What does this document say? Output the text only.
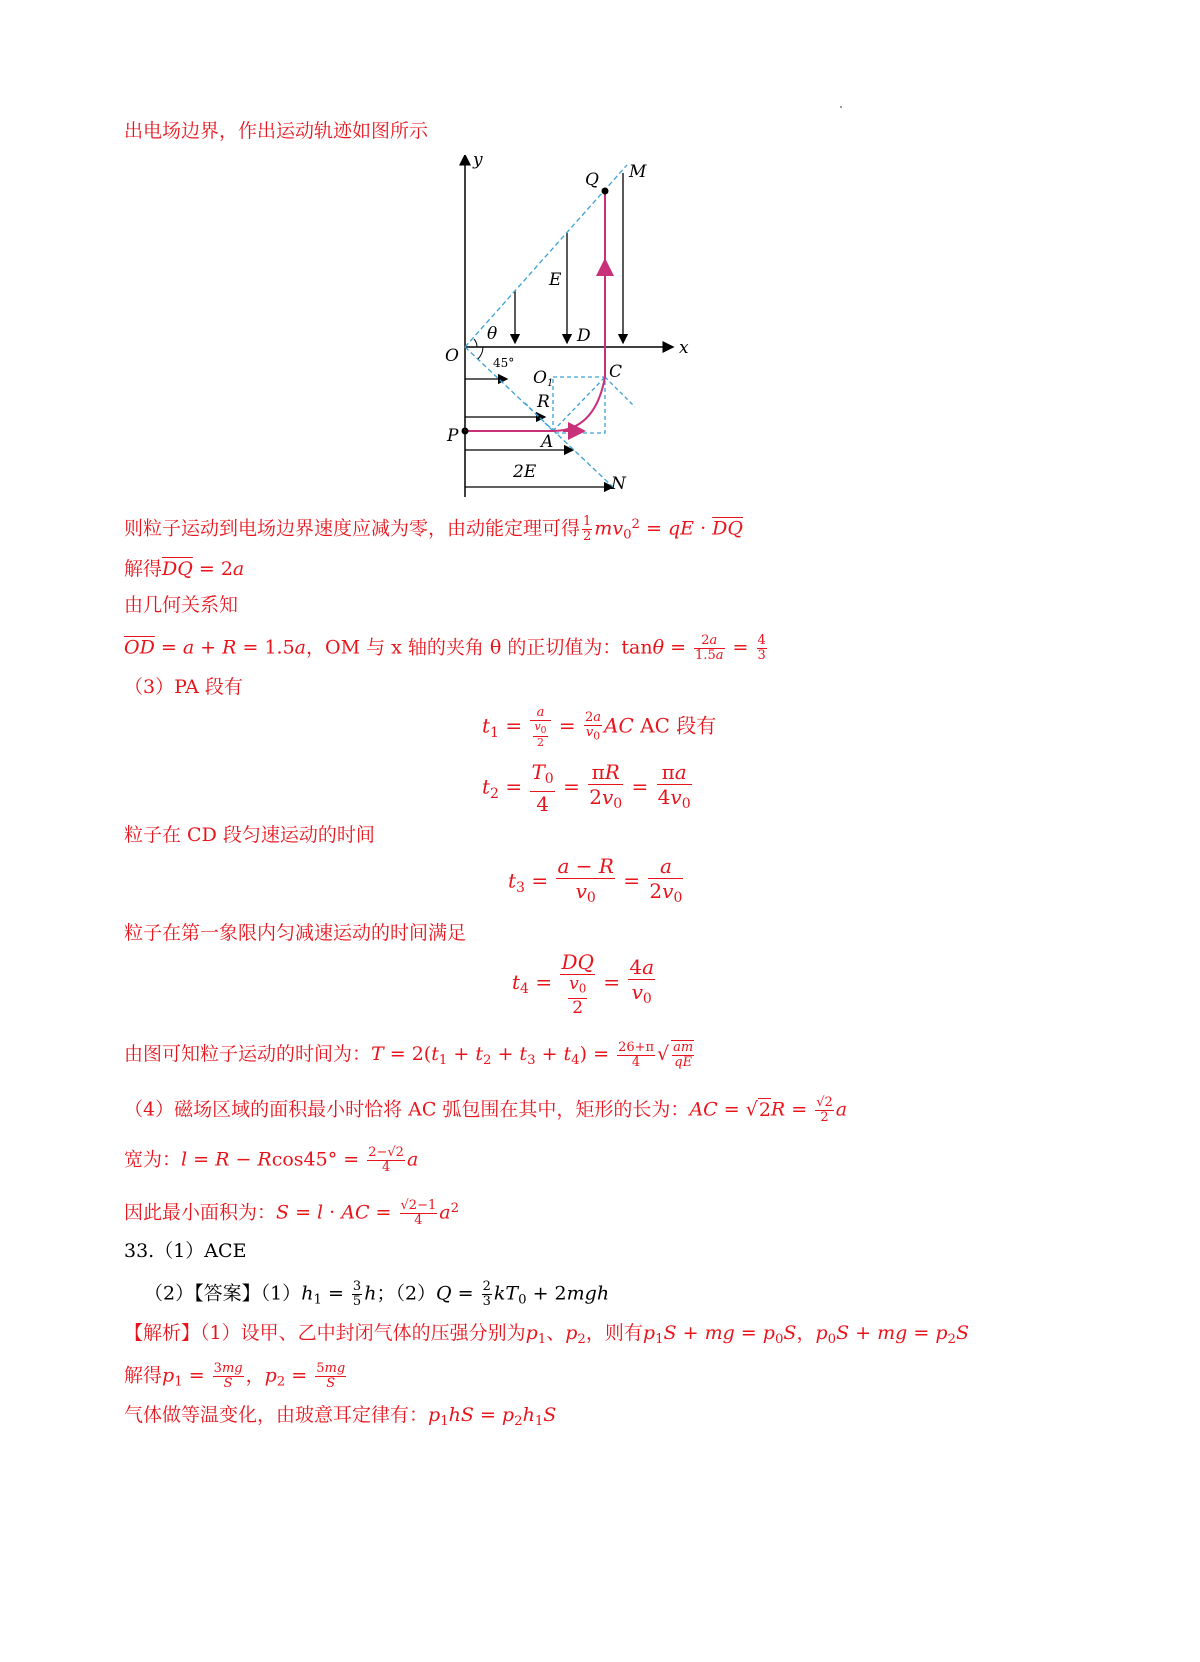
出电场边界，作出运动轨迹如图所示
y
x
O
Q M
E
D
θ
O1
C
R
P	A
2E
N
45°
则粒子运动到电场边界速度应减为零，由动能定理可得 $\frac{1}{2} mv_0^2$ = qE · $\overline{DQ}$
解得$\overline{DQ} = 2a$
由几何关系知
$\overline{OD} = a + R = 1.5a$，OM 与 x 轴的夹角 θ 的正切值为：$\tan\theta = \frac{2a}{1.5a} = \frac{4}{3}$
（3）PA 段有
$t_1 = \frac{a}{\frac{v_0}{2}} = \frac{2a}{v_0}$ AC AC 段有
$t_2 = \frac{T_0}{4} = \frac{\pi R}{2v_0} = \frac{\pi a}{4v_0}$
粒子在 CD 段匀速运动的时间
$t_3 = \frac{a - R}{v_0} = \frac{a}{2v_0}$
粒子在第一象限内匀减速运动的时间满足
$t_4 = \frac{DQ}{\frac{v_0}{2}} = \frac{4a}{v_0}$
由图可知粒子运动的时间为：$T = 2(t_1 + t_2 + t_3 + t_4) = \frac{26+\pi}{4}$ √ $\frac{am}{qE}$
（4）磁场区域的面积最小时恰将 AC 弧包围在其中，矩形的长为：AC = $√2R = \frac{√2}{2}$ a
宽为：$l = R - Rcos45^\circ = \frac{2-√2}{4}$ a
因此最小面积为：S = l · AC = $\frac{√2-1}{4} a^2$
33.（1）ACE
（2）【答案】$(1)h_1 = \frac{3}{5}$ h；$(2)Q = \frac{2}{3} kT_0 + 2mgh$
【解析】（1）设甲、乙中封闭气体的压强分别为$p_1$、$p_2$，则有$p_1S$ + mg = $p_0S$，$p_0S$ + mg = $p_2S$
解得$p_1 = \frac{3mg}{S}$ ，$p_2 = \frac{5mg}{S}$
气体做等温变化，由玻意耳定律有：$p_1hS = p_2h_1S$
